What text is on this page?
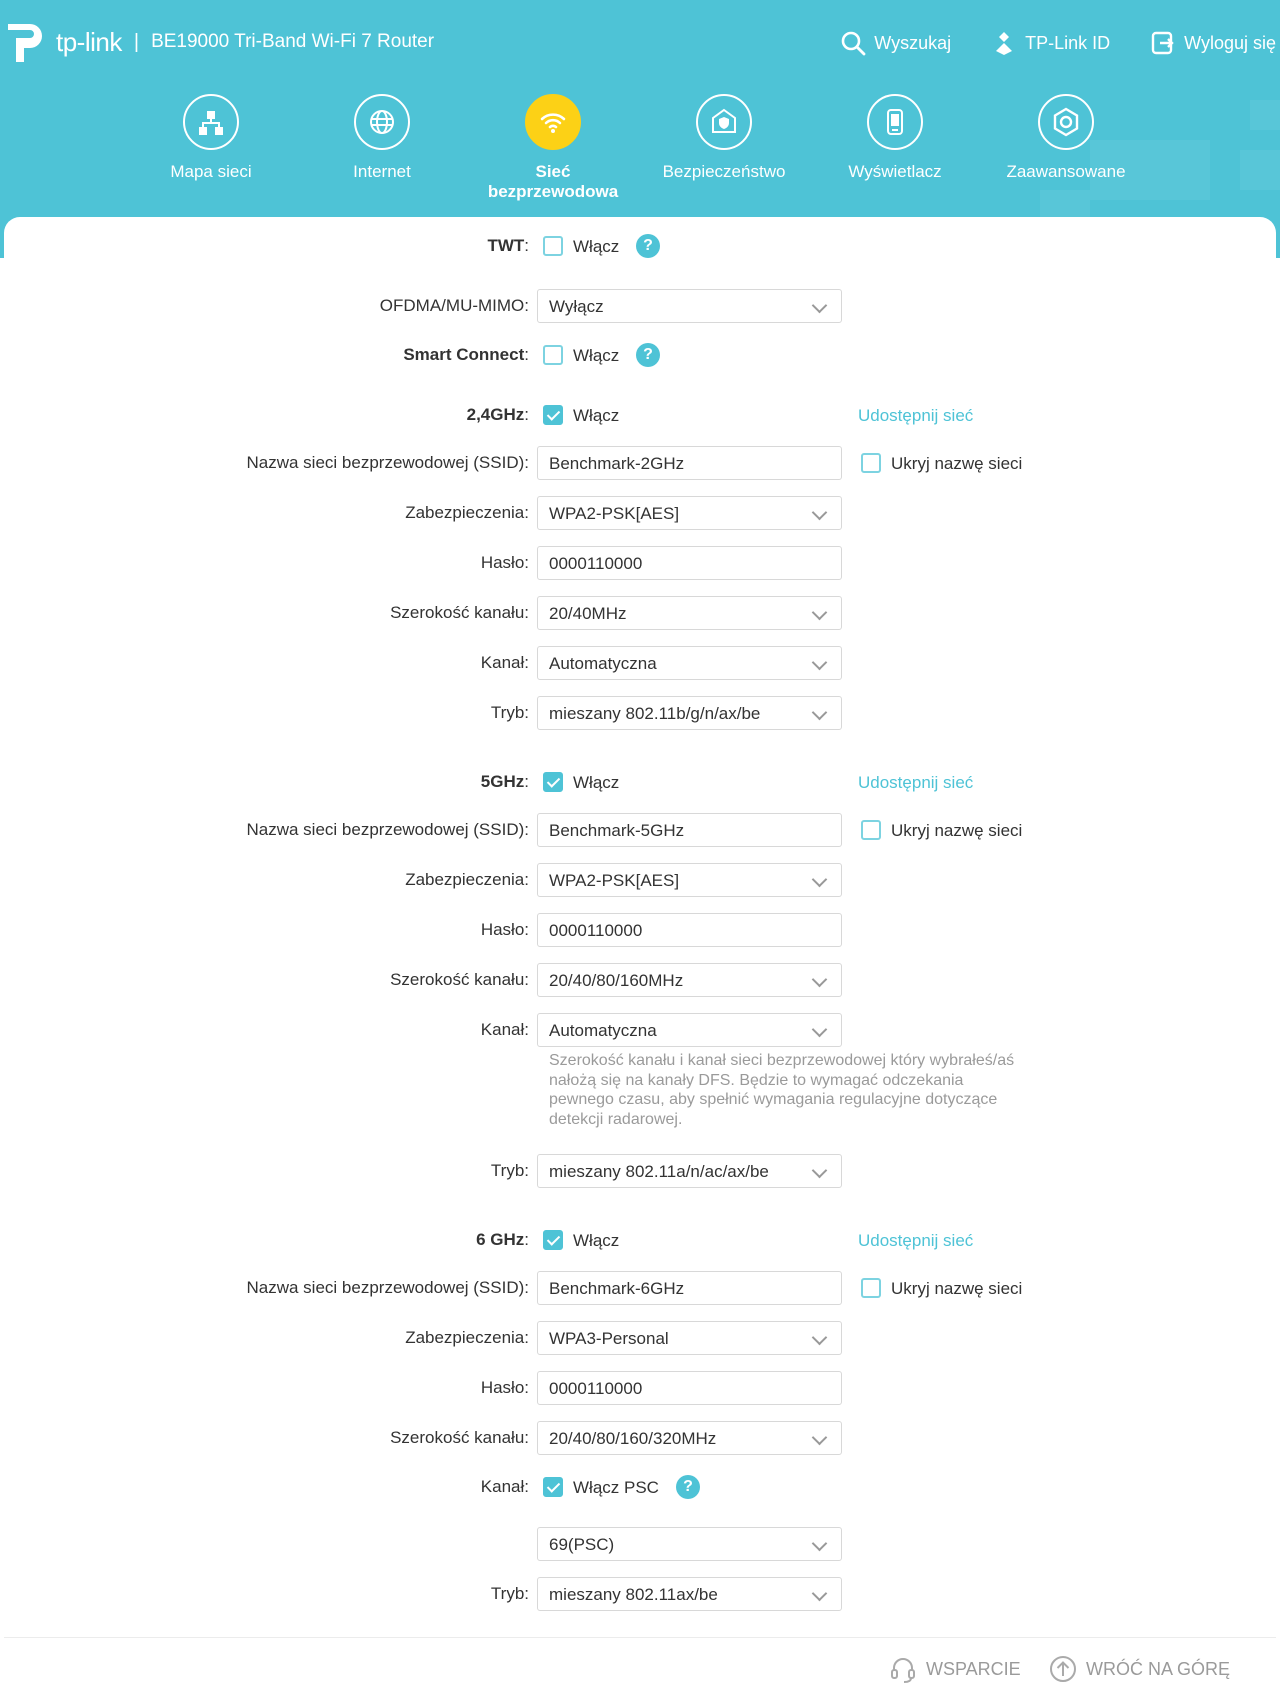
tp-link | BE19000 Tri-Band Wi-Fi 7 Router	Wyszukaj	TP-Link ID	Wyloguj się
Mapa sieci	Internet	Sieć bezprzewodowa
Bezpieczeństwo	Wyświetlacz	Zaawansowane
TWT:	Włącz	?
OFDMA/MU-MIMO:	Wyłącz
Smart Connect:	Włącz	?
2,4GHz:	Włącz	Udostępnij sieć
Nazwa sieci bezprzewodowej (SSID):	Benchmark-2GHz	Ukryj nazwę sieci
Zabezpieczenia:	WPA2-PSK[AES]
Hasło:	0000110000
Szerokość kanału:	20/40MHz
Kanał:	Automatyczna
Tryb:	mieszany 802.11b/g/n/ax/be
5GHz:	Włącz	Udostępnij sieć
Nazwa sieci bezprzewodowej (SSID):	Benchmark-5GHz	Ukryj nazwę sieci
Zabezpieczenia:	WPA2-PSK[AES]
Hasło:	0000110000
Szerokość kanału:	20/40/80/160MHz
Kanał:	Automatyczna
Szerokość kanału i kanał sieci bezprzewodowej który wybrałeś/aś nałożą się na kanały DFS. Będzie to wymagać odczekania pewnego czasu, aby spełnić wymagania regulacyjne dotyczące detekcji radarowej.
Tryb:	mieszany 802.11a/n/ac/ax/be
6 GHz:	Włącz	Udostępnij sieć
Nazwa sieci bezprzewodowej (SSID):	Benchmark-6GHz	Ukryj nazwę sieci
Zabezpieczenia:	WPA3-Personal
Hasło:	0000110000
Szerokość kanału:	20/40/80/160/320MHz
Kanał:	Włącz PSC	?
69(PSC)
Tryb:	mieszany 802.11ax/be
WSPARCIE	WRÓĆ NA GÓRĘ
